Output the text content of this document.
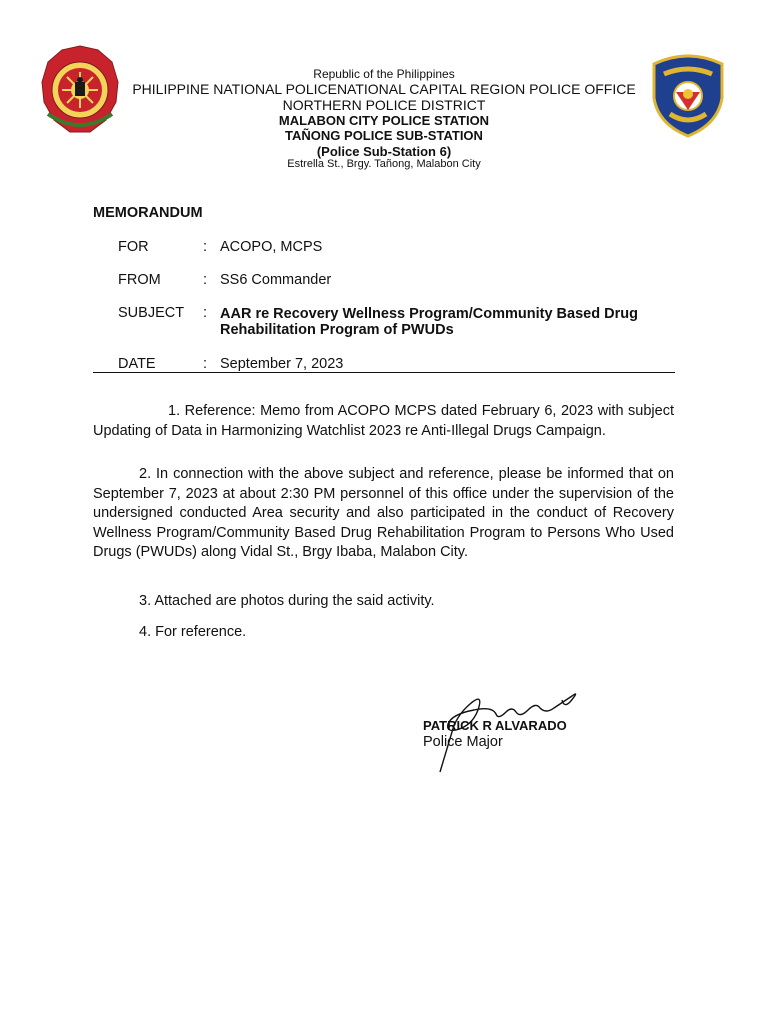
Republic of the Philippines
PHILIPPINE NATIONAL POLICENATIONAL CAPITAL REGION POLICE OFFICE
NORTHERN POLICE DISTRICT
MALABON CITY POLICE STATION
TAÑONG POLICE SUB-STATION
(Police Sub-Station 6)
Estrella St., Brgy. Tañong, Malabon City
MEMORANDUM
FOR	: ACOPO, MCPS
FROM	: SS6 Commander
SUBJECT : AAR re Recovery Wellness Program/Community Based Drug
Rehabilitation Program of PWUDs
DATE	: September 7, 2023
1. Reference: Memo from ACOPO MCPS dated February 6, 2023 with subject Updating of Data in Harmonizing Watchlist 2023 re Anti-Illegal Drugs Campaign.
2. In connection with the above subject and reference, please be informed that on September 7, 2023 at about 2:30 PM personnel of this office under the supervision of the undersigned conducted Area security and also participated in the conduct of Recovery Wellness Program/Community Based Drug Rehabilitation Program to Persons Who Used Drugs (PWUDs) along Vidal St., Brgy Ibaba, Malabon City.
3. Attached are photos during the said activity.
4. For reference.
PATRICK R ALVARADO
Police Major
